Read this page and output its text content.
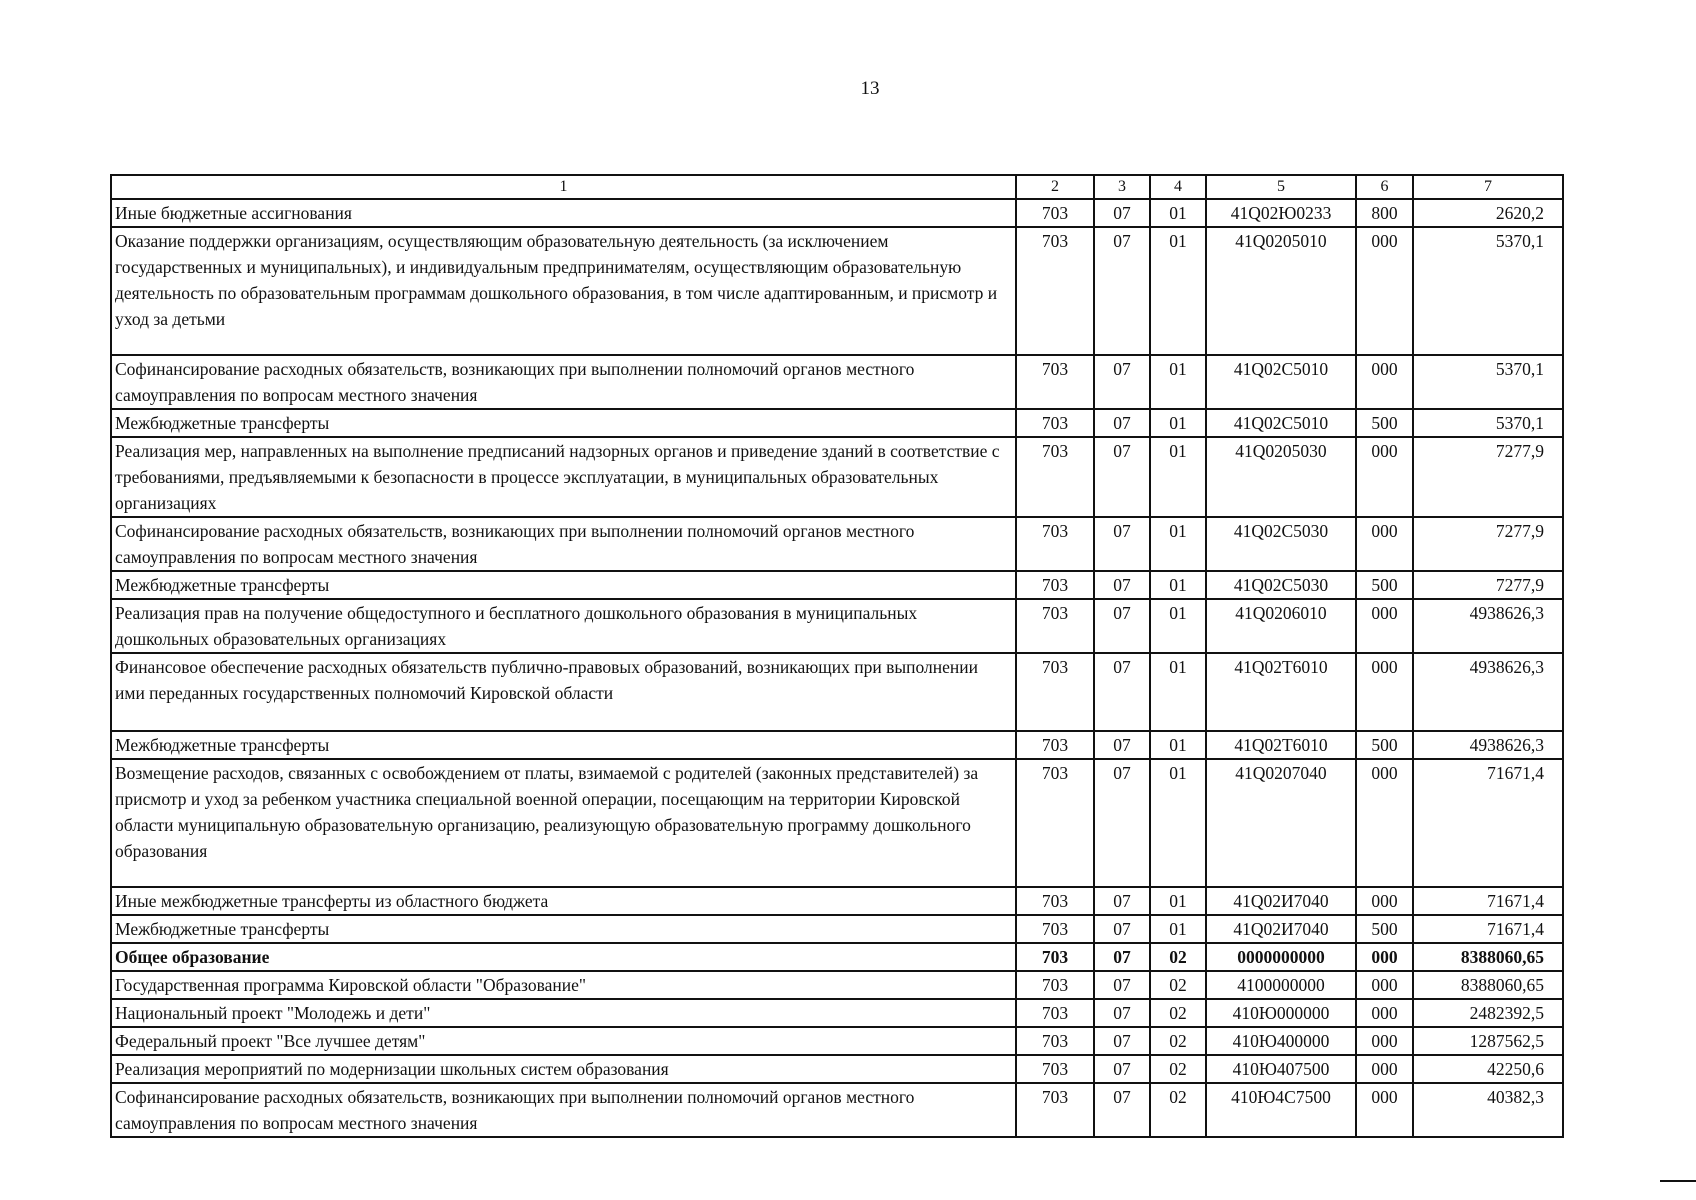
13
1	2	3	4	5	6	7
Иные бюджетные ассигнования	703	07	01	41Q02Ю0233	800	2620,2
Оказание поддержки организациям, осуществляющим образовательную деятельность (за исключением государственных и муниципальных), и индивидуальным предпринимателям, осуществляющим образовательную деятельность по образовательным программам дошкольного образования, в том числе адаптированным, и присмотр и уход за детьми	703	07	01	41Q0205010	000	5370,1
Софинансирование расходных обязательств, возникающих при выполнении полномочий органов местного самоуправления по вопросам местного значения	703	07	01	41Q02C5010	000	5370,1
Межбюджетные трансферты	703	07	01	41Q02C5010	500	5370,1
Реализация мер, направленных на выполнение предписаний надзорных органов и приведение зданий в соответствие с требованиями, предъявляемыми к безопасности в процессе эксплуатации, в муниципальных образовательных организациях	703	07	01	41Q0205030	000	7277,9
Софинансирование расходных обязательств, возникающих при выполнении полномочий органов местного самоуправления по вопросам местного значения	703	07	01	41Q02C5030	000	7277,9
Межбюджетные трансферты	703	07	01	41Q02C5030	500	7277,9
Реализация прав на получение общедоступного и бесплатного дошкольного образования в муниципальных дошкольных образовательных организациях	703	07	01	41Q0206010	000	4938626,3
Финансовое обеспечение расходных обязательств публично-правовых образований, возникающих при выполнении ими переданных государственных полномочий Кировской области	703	07	01	41Q02T6010	000	4938626,3
Межбюджетные трансферты	703	07	01	41Q02T6010	500	4938626,3
Возмещение расходов, связанных с освобождением от платы, взимаемой с родителей (законных представителей) за присмотр и уход за ребенком участника специальной военной операции, посещающим на территории Кировской области муниципальную образовательную организацию, реализующую образовательную программу дошкольного образования	703	07	01	41Q0207040	000	71671,4
Иные межбюджетные трансферты из областного бюджета	703	07	01	41Q02И7040	000	71671,4
Межбюджетные трансферты	703	07	01	41Q02И7040	500	71671,4
Общее образование	703	07	02	0000000000	000	8388060,65
Государственная программа Кировской области "Образование"	703	07	02	4100000000	000	8388060,65
Национальный проект "Молодежь и дети"	703	07	02	410Ю000000	000	2482392,5
Федеральный проект "Все лучшее детям"	703	07	02	410Ю400000	000	1287562,5
Реализация мероприятий по модернизации школьных систем образования	703	07	02	410Ю407500	000	42250,6
Софинансирование расходных обязательств, возникающих при выполнении полномочий органов местного самоуправления по вопросам местного значения	703	07	02	410Ю4C7500	000	40382,3
